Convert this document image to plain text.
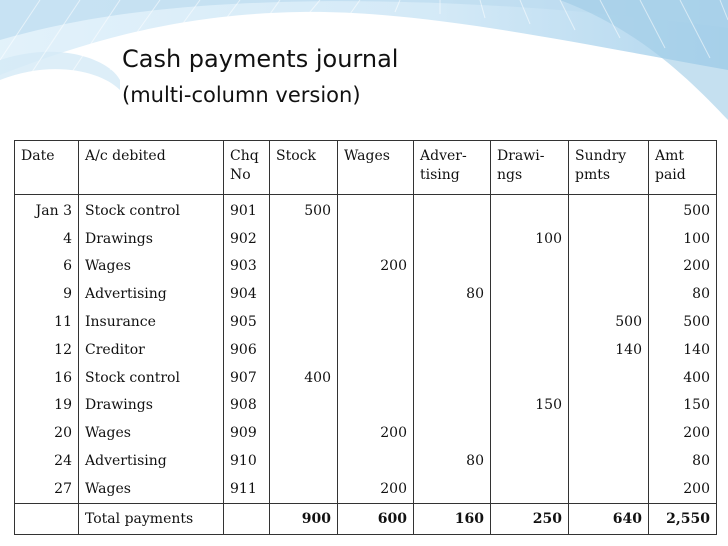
Cash payments journal
(multi-column version)
Date	A/c debited	Chq No	Stock	Wages	Adver-tising	Drawi-ngs	Sundry pmts	Amt paid
Jan 3	Stock control	901	500					500
4	Drawings	902				100		100
6	Wages	903		200				200
9	Advertising	904			80			80
11	Insurance	905					500	500
12	Creditor	906					140	140
16	Stock control	907	400					400
19	Drawings	908				150		150
20	Wages	909		200				200
24	Advertising	910			80			80
27	Wages	911		200				200
	Total payments		900	600	160	250	640	2,550
